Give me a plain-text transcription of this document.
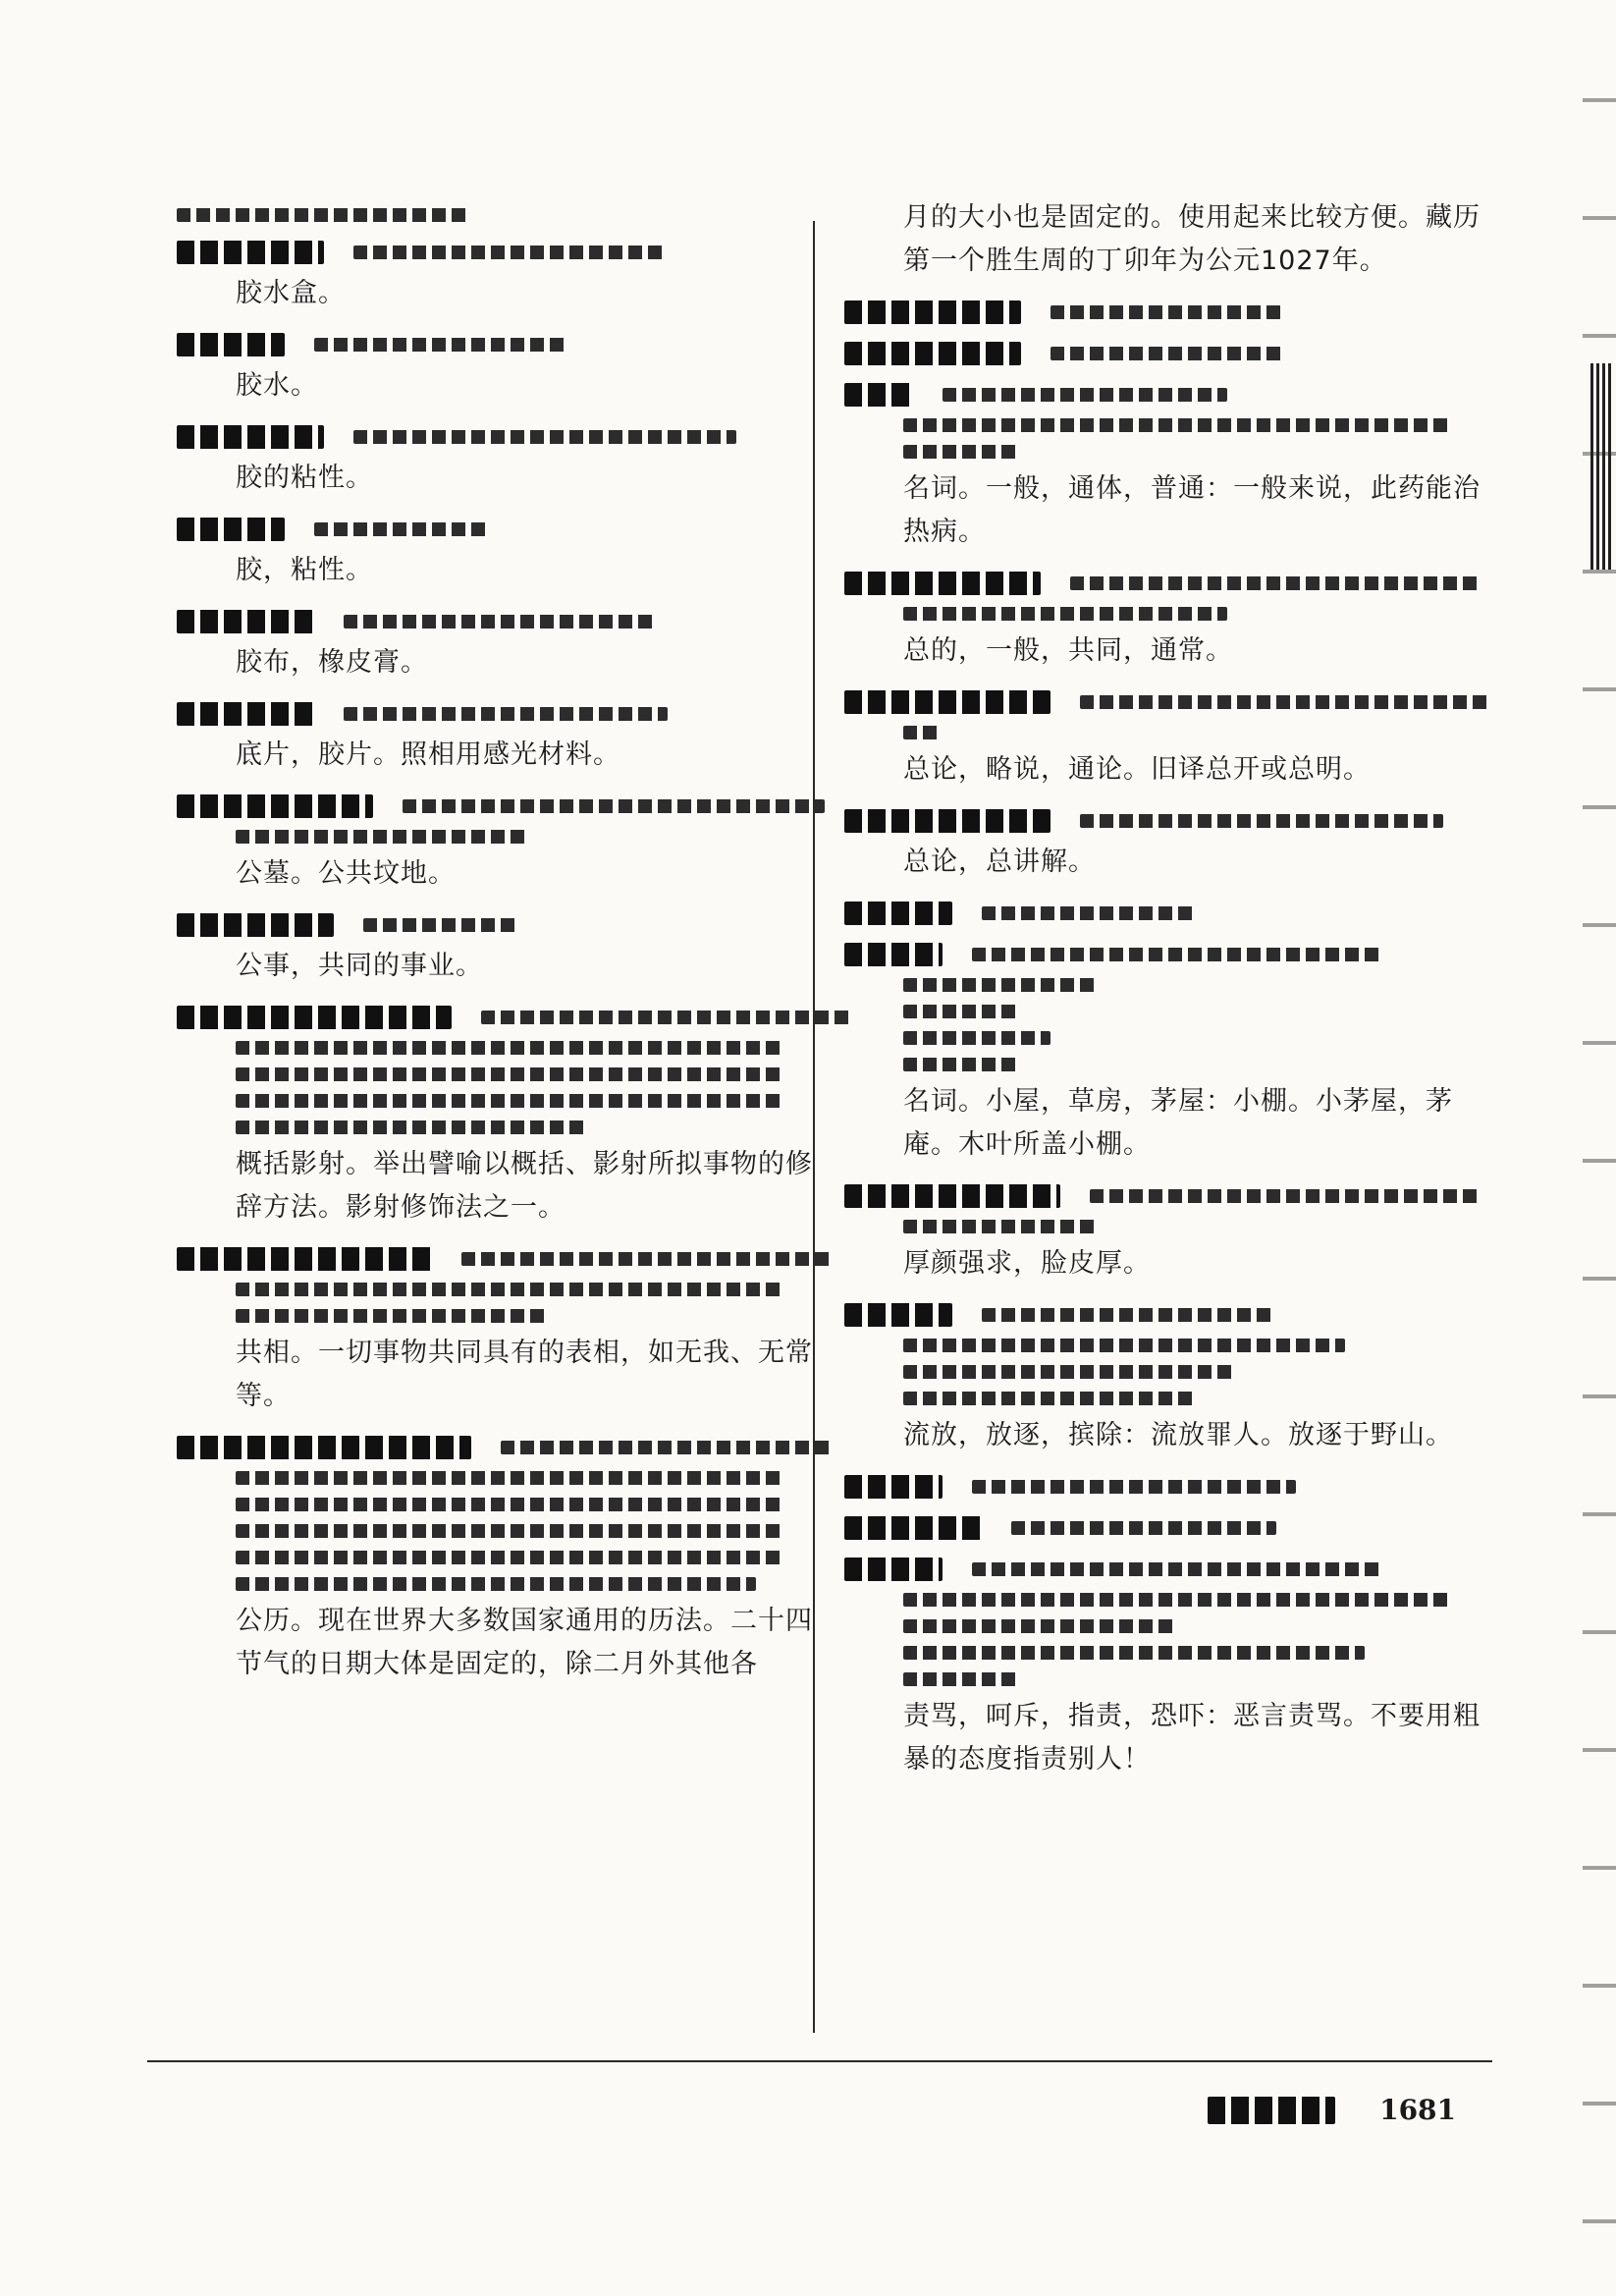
胶水盒。
胶水。
胶的粘性。
胶，粘性。
胶布，橡皮膏。
底片，胶片。照相用感光材料。
公墓。公共坟地。
公事，共同的事业。
概括影射。举出譬喻以概括、影射所拟事物的修辞方法。影射修饰法之一。
共相。一切事物共同具有的表相，如无我、无常等。
公历。现在世界大多数国家通用的历法。二十四节气的日期大体是固定的，除二月外其他各
月的大小也是固定的。使用起来比较方便。藏历第一个胜生周的丁卯年为公元1027年。
名词。一般，通体，普通：一般来说，此药能治热病。
总的，一般，共同，通常。
总论，略说，通论。旧译总开或总明。
总论，总讲解。
名词。小屋，草房，茅屋：小棚。小茅屋，茅庵。木叶所盖小棚。
厚颜强求，脸皮厚。
流放，放逐，摈除：流放罪人。放逐于野山。
责骂，呵斥，指责，恐吓：恶言责骂。不要用粗暴的态度指责别人！
1681
